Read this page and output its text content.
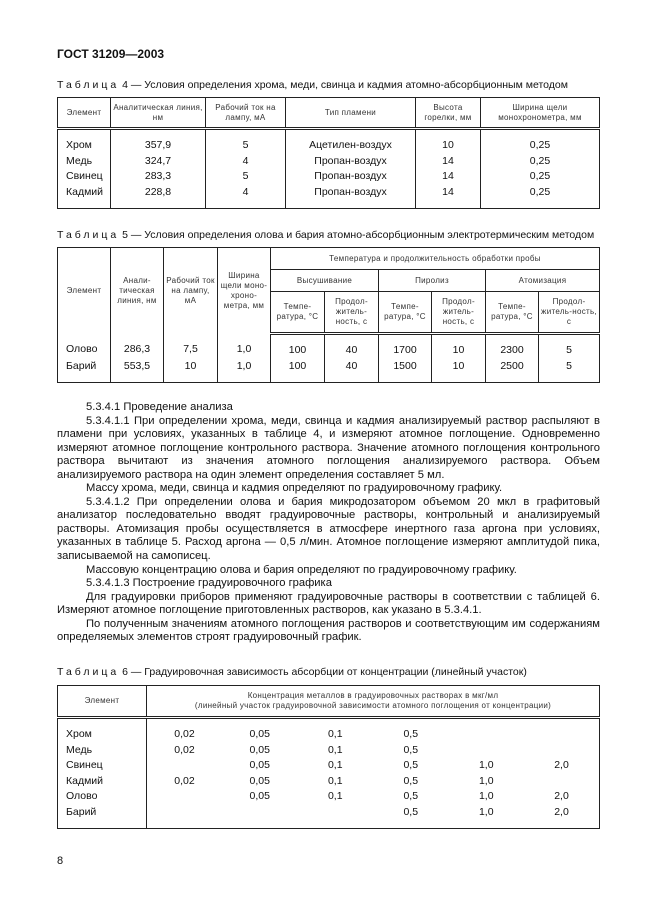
ГОСТ 31209—2003
Таблица 4 — Условия определения хрома, меди, свинца и кадмия атомно-абсорбционным методом
Элемент	Аналитическая линия, нм	Рабочий ток на лампу, мА	Тип пламени	Высота горелки, мм	Ширина щели монохронометра, мм
Хром	357,9	5	Ацетилен-воздух	10	0,25
Медь	324,7	4	Пропан-воздух	14	0,25
Свинец	283,3	5	Пропан-воздух	14	0,25
Кадмий	228,8	4	Пропан-воздух	14	0,25
Таблица 5 — Условия определения олова и бария атомно-абсорбционным электротермическим методом
Элемент	Анали-тическая линия, нм	Рабочий ток на лампу, мА	Ширина щели моно-хроно-метра, мм	Температура и продолжительность обработки пробы					
				Высушивание		Пиролиз		Атомизация	
				Темпе-ратура, °С	Продол-житель-ность, с	Темпе-ратура, °С	Продол-житель-ность, с	Темпе-ратура, °С	Продол-житель-ность, с
Олово	286,3	7,5	1,0	100	40	1700	10	2300	5
Барий	553,5	10	1,0	100	40	1500	10	2500	5

5.3.4.1 Проведение анализа

5.3.4.1.1 При определении хрома, меди, свинца и кадмия анализируемый раствор распыляют в пламени при условиях, указанных в таблице 4, и измеряют атомное поглощение. Одновременно измеряют атомное поглощение контрольного раствора. Значение атомного поглощения контрольного раствора вычитают из значения атомного поглощения анализируемого раствора. Объем анализируемого раствора на один элемент определения составляет 5 мл.

Массу хрома, меди, свинца и кадмия определяют по градуировочному графику.

5.3.4.1.2 При определении олова и бария микродозатором объемом 20 мкл в графитовый анализатор последовательно вводят градуировочные растворы, контрольный и анализируемый растворы. Атомизация пробы осуществляется в атмосфере инертного газа аргона при условиях, указанных в таблице 5. Расход аргона — 0,5 л/мин. Атомное поглощение измеряют амплитудой пика, записываемой на самописец.

Массовую концентрацию олова и бария определяют по градуировочному графику.

5.3.4.1.3 Построение градуировочного графика

Для градуировки приборов применяют градуировочные растворы в соответствии с таблицей 6. Измеряют атомное поглощение приготовленных растворов, как указано в 5.3.4.1.

По полученным значениям атомного поглощения растворов и соответствующим им содержаниям определяемых элементов строят градуировочный график.

Таблица 6 — Градуировочная зависимость абсорбции от концентрации (линейный участок)
Элемент	Концентрация металлов в градуировочных растворах в мкг/мл
(линейный участок градуировочной зависимости атомного поглощения от концентрации)					
Хром	0,02	0,05	0,1	0,5		
Медь	0,02	0,05	0,1	0,5		
Свинец		0,05	0,1	0,5	1,0	2,0
Кадмий	0,02	0,05	0,1	0,5	1,0	
Олово		0,05	0,1	0,5	1,0	2,0
Барий				0,5	1,0	2,0
8
